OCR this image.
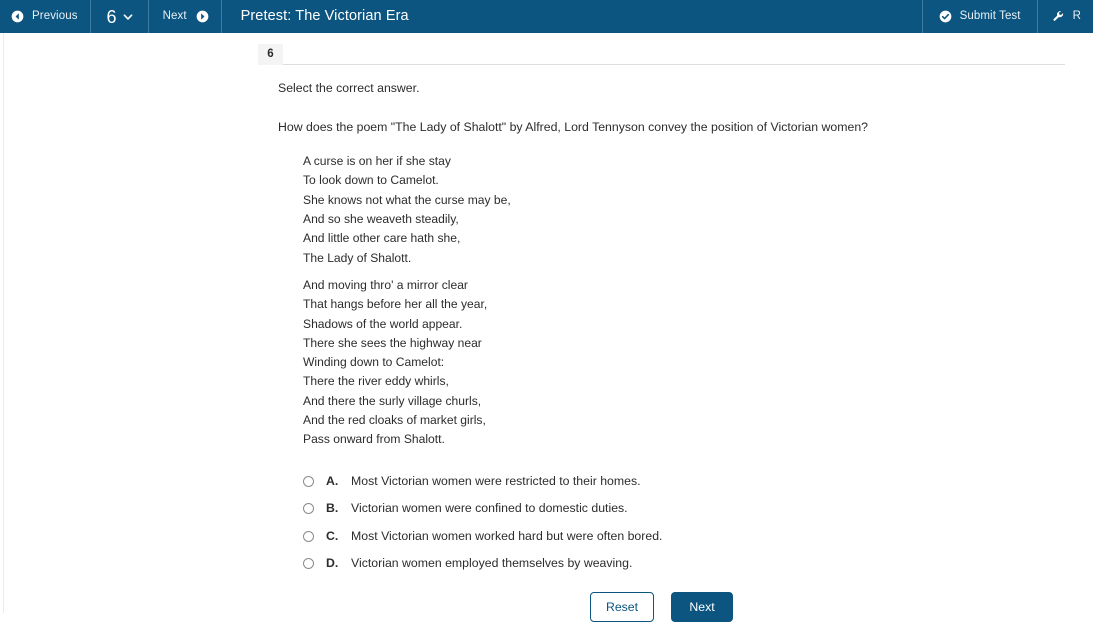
Previous 6	Next	Pretest: The Victorian Era	Submit Test	R
6

Select the correct answer.

How does the poem "The Lady of Shalott" by Alfred, Lord Tennyson convey the position of Victorian women?

A curse is on her if she stay
To look down to Camelot.
She knows not what the curse may be,
And so she weaveth steadily,
And little other care hath she,
The Lady of Shalott.
And moving thro' a mirror clear
That hangs before her all the year,
Shadows of the world appear.
There she sees the highway near
Winding down to Camelot:
There the river eddy whirls,
And there the surly village churls,
And the red cloaks of market girls,
Pass onward from Shalott.
A.	Most Victorian women were restricted to their homes.
B.	Victorian women were confined to domestic duties.
C.	Most Victorian women worked hard but were often bored.
D.	Victorian women employed themselves by weaving.
Reset	Next
